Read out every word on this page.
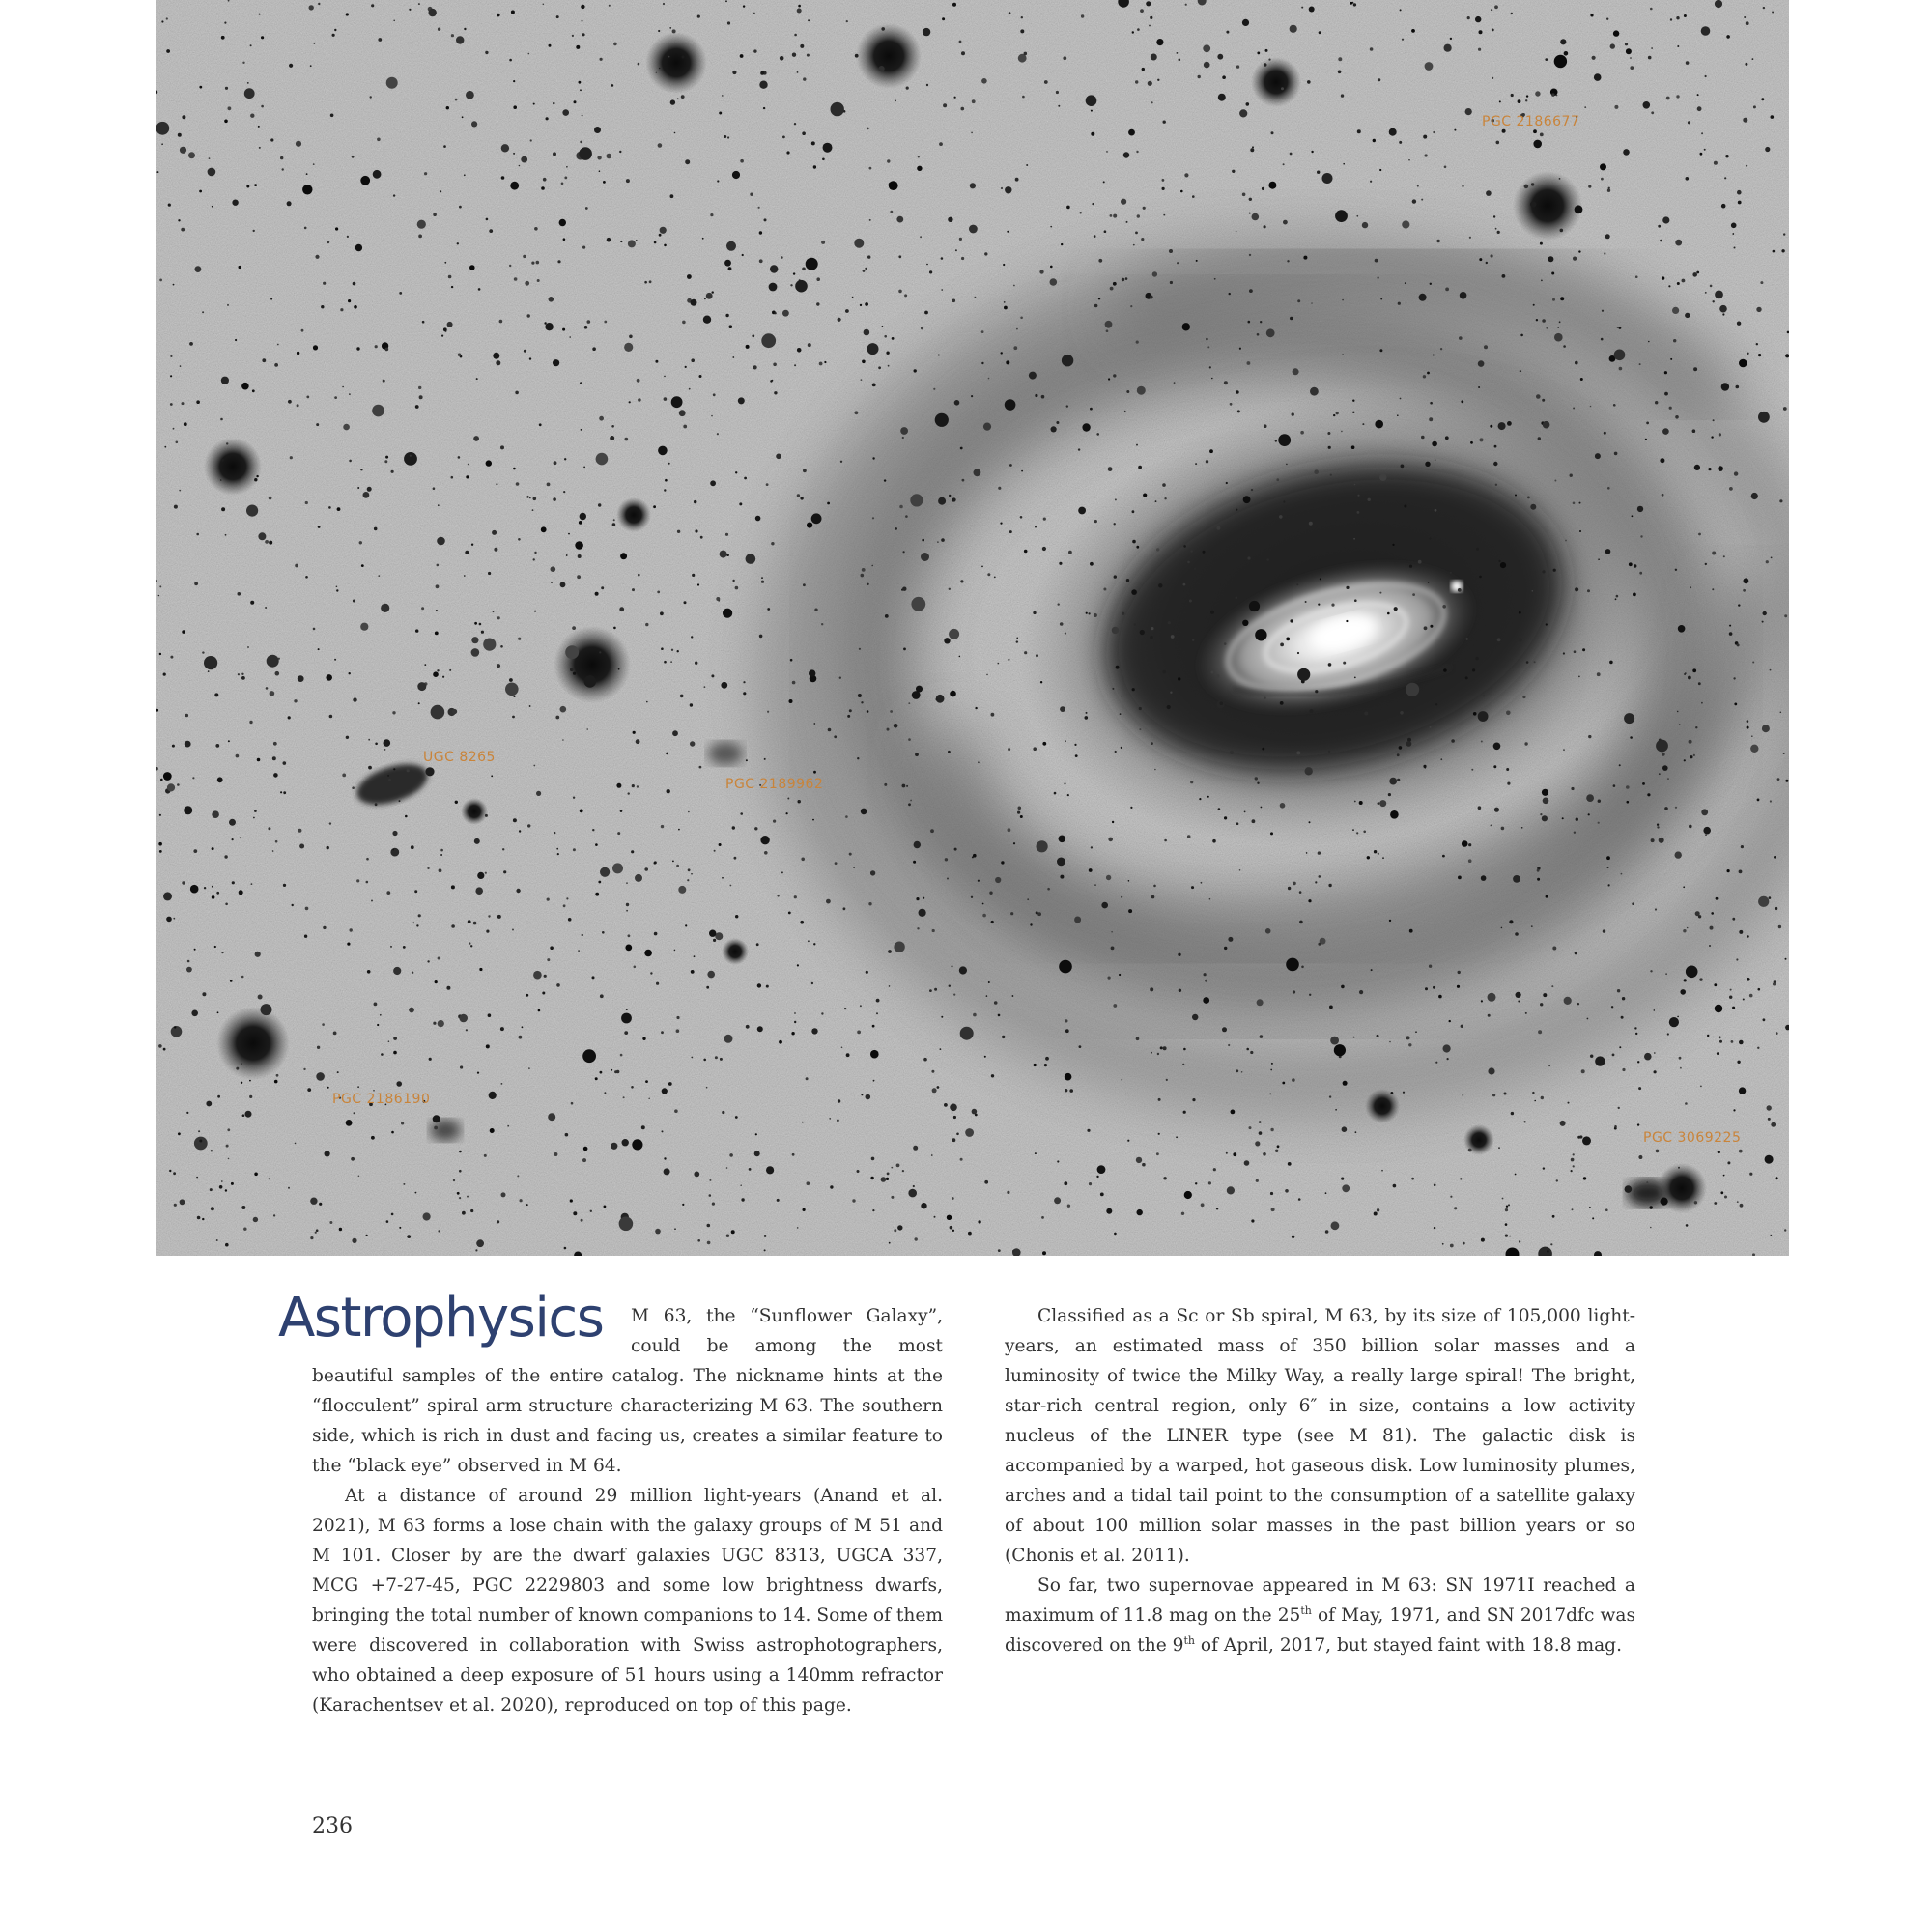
PGC 2186677
UGC 8265
PGC 2189962
PGC 2186190
PGC 3069225
Astrophysics	M 63, the “Sunflower Galaxy”, could be among the most beautiful samples of the entire catalog. The nickname hints at the “flocculent” spiral arm structure characterizing M 63. The southern side, which is rich in dust and facing us, creates a similar feature to the “black eye” observed in M 64.

At a distance of around 29 million light-years (Anand et al. 2021), M 63 forms a lose chain with the galaxy groups of M 51 and M 101. Closer by are the dwarf galaxies UGC 8313, UGCA 337, MCG +7-27-45, PGC 2229803 and some low brightness dwarfs, bringing the total number of known companions to 14. Some of them were discovered in collaboration with Swiss astrophotographers, who obtained a deep exposure of 51 hours using a 140mm refractor (Karachentsev et al. 2020), reproduced on top of this page.

Classified as a Sc or Sb spiral, M 63, by its size of 105,000 light-years, an estimated mass of 350 billion solar masses and a luminosity of twice the Milky Way, a really large spiral! The bright, star-rich central region, only 6″ in size, contains a low activity nucleus of the LINER type (see M 81). The galactic disk is accompanied by a warped, hot gaseous disk. Low luminosity plumes, arches and a tidal tail point to the consumption of a satellite galaxy of about 100 million solar masses in the past billion years or so (Chonis et al. 2011).

So far, two supernovae appeared in M 63: SN 1971I reached a maximum of 11.8 mag on the 25th of May, 1971, and SN 2017dfc was discovered on the 9th of April, 2017, but stayed faint with 18.8 mag.

236
